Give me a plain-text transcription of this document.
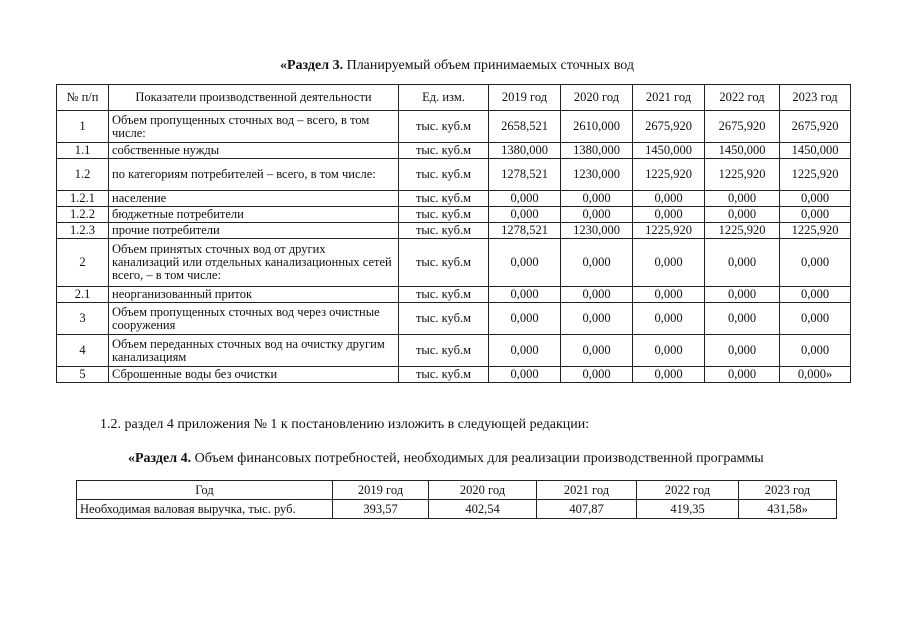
«Раздел 3. Планируемый объем принимаемых сточных вод
№ п/п	Показатели производственной деятельности	Ед. изм.	2019 год	2020 год	2021 год	2022 год	2023 год
1	Объем пропущенных сточных вод – всего, в том числе:	тыс. куб.м	2658,521	2610,000	2675,920	2675,920	2675,920
1.1	собственные нужды	тыс. куб.м	1380,000	1380,000	1450,000	1450,000	1450,000
1.2	по категориям потребителей – всего, в том числе:	тыс. куб.м	1278,521	1230,000	1225,920	1225,920	1225,920
1.2.1	население	тыс. куб.м	0,000	0,000	0,000	0,000	0,000
1.2.2	бюджетные потребители	тыс. куб.м	0,000	0,000	0,000	0,000	0,000
1.2.3	прочие потребители	тыс. куб.м	1278,521	1230,000	1225,920	1225,920	1225,920
2	Объем принятых сточных вод от других канализаций или отдельных канализационных сетей всего, – в том числе:	тыс. куб.м	0,000	0,000	0,000	0,000	0,000
2.1	неорганизованный приток	тыс. куб.м	0,000	0,000	0,000	0,000	0,000
3	Объем пропущенных сточных вод через очистные сооружения	тыс. куб.м	0,000	0,000	0,000	0,000	0,000
4	Объем переданных сточных вод на очистку другим канализациям	тыс. куб.м	0,000	0,000	0,000	0,000	0,000
5	Сброшенные воды без очистки	тыс. куб.м	0,000	0,000	0,000	0,000	0,000»
1.2. раздел 4 приложения № 1 к постановлению изложить в следующей редакции:
«Раздел 4. Объем финансовых потребностей, необходимых для реализации производственной программы
Год	2019 год	2020 год	2021 год	2022 год	2023 год
Необходимая валовая выручка, тыс. руб.	393,57	402,54	407,87	419,35	431,58»
